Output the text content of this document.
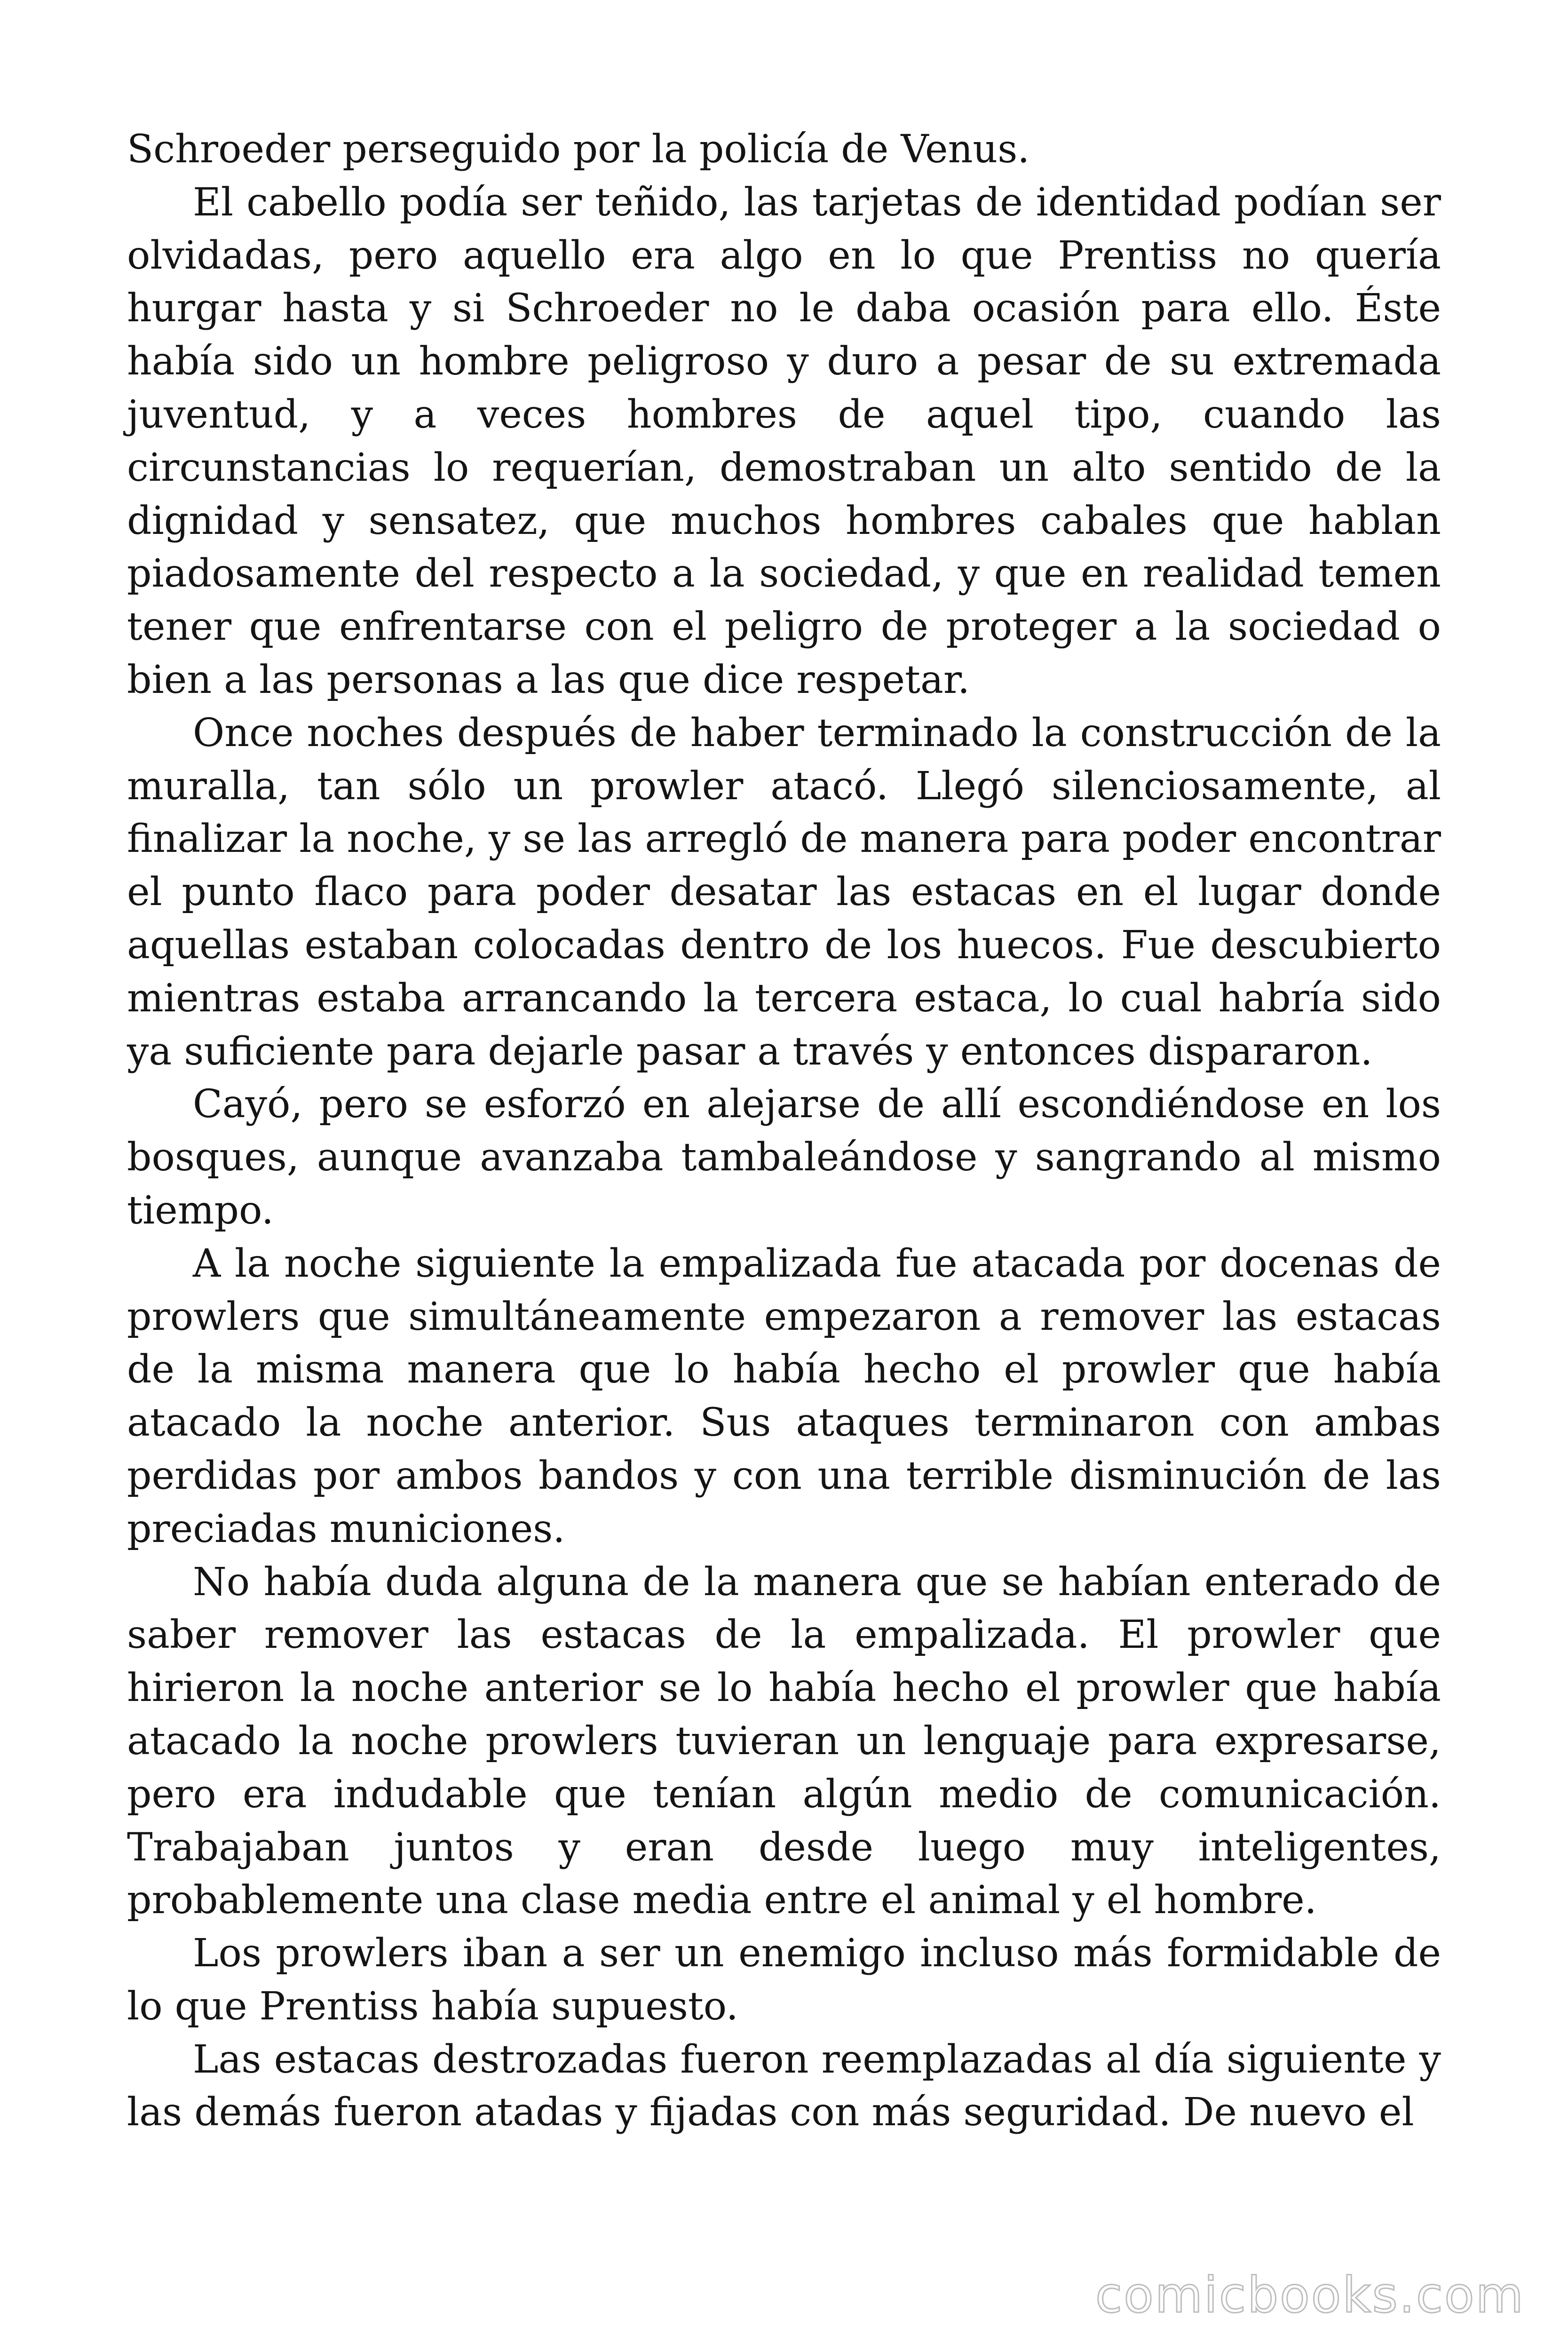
Schroeder perseguido por la policía de Venus.

El cabello podía ser teñido, las tarjetas de identidad podían ser olvidadas, pero aquello era algo en lo que Prentiss no quería hurgar hasta y si Schroeder no le daba ocasión para ello. Éste había sido un hombre peligroso y duro a pesar de su extremada juventud, y a veces hombres de aquel tipo, cuando las circunstancias lo requerían, demostraban un alto sentido de la dignidad y sensatez, que muchos hombres cabales que hablan piadosamente del respecto a la sociedad, y que en realidad temen tener que enfrentarse con el peligro de proteger a la sociedad o bien a las personas a las que dice respetar.

Once noches después de haber terminado la construcción de la muralla, tan sólo un prowler atacó. Llegó silenciosamente, al finalizar la noche, y se las arregló de manera para poder encontrar el punto flaco para poder desatar las estacas en el lugar donde aquellas estaban colocadas dentro de los huecos. Fue descubierto mientras estaba arrancando la tercera estaca, lo cual habría sido ya suficiente para dejarle pasar a través y entonces dispararon.

Cayó, pero se esforzó en alejarse de allí escondiéndose en los bosques, aunque avanzaba tambaleándose y sangrando al mismo tiempo.

A la noche siguiente la empalizada fue atacada por docenas de prowlers que simultáneamente empezaron a remover las estacas de la misma manera que lo había hecho el prowler que había atacado la noche anterior. Sus ataques terminaron con ambas perdidas por ambos bandos y con una terrible disminución de las preciadas municiones.

No había duda alguna de la manera que se habían enterado de saber remover las estacas de la empalizada. El prowler que hirieron la noche anterior se lo había hecho el prowler que había atacado la noche prowlers tuvieran un lenguaje para expresarse, pero era indudable que tenían algún medio de comunicación. Trabajaban juntos y eran desde luego muy inteligentes, probablemente una clase media entre el animal y el hombre.

Los prowlers iban a ser un enemigo incluso más formidable de lo que Prentiss había supuesto.

Las estacas destrozadas fueron reemplazadas al día siguiente y las demás fueron atadas y fijadas con más seguridad. De nuevo el

comicbooks.com
